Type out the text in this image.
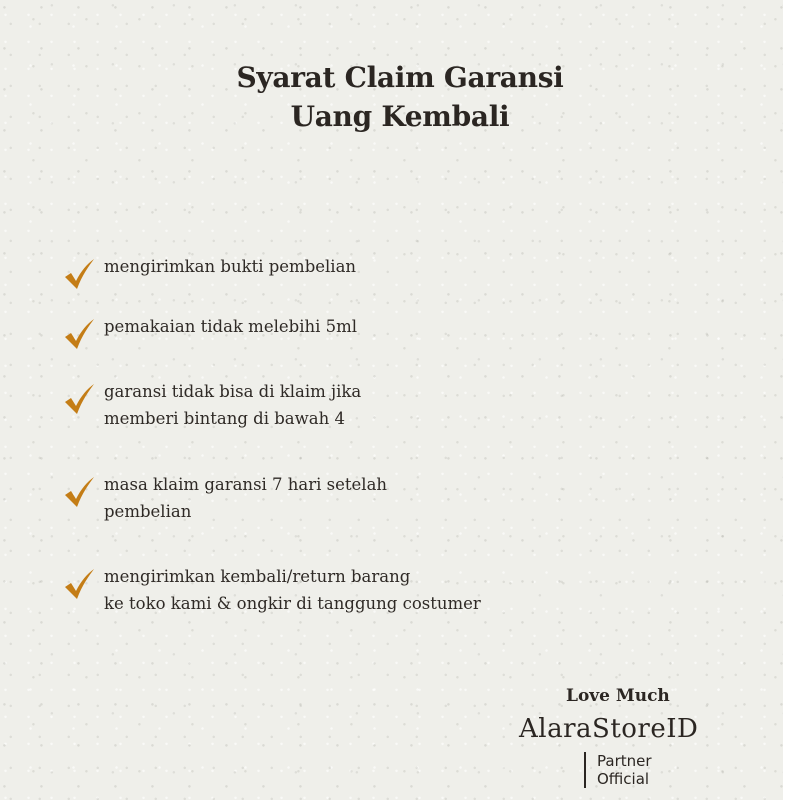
Syarat Claim Garansi
Uang Kembali
mengirimkan bukti pembelian
pemakaian tidak melebihi 5ml
garansi tidak bisa di klaim jika
memberi bintang di bawah 4
masa klaim garansi 7 hari setelah
pembelian
mengirimkan kembali/return barang
ke toko kami & ongkir di tanggung costumer
Love Much
AlaraStoreID
Partner
Official
